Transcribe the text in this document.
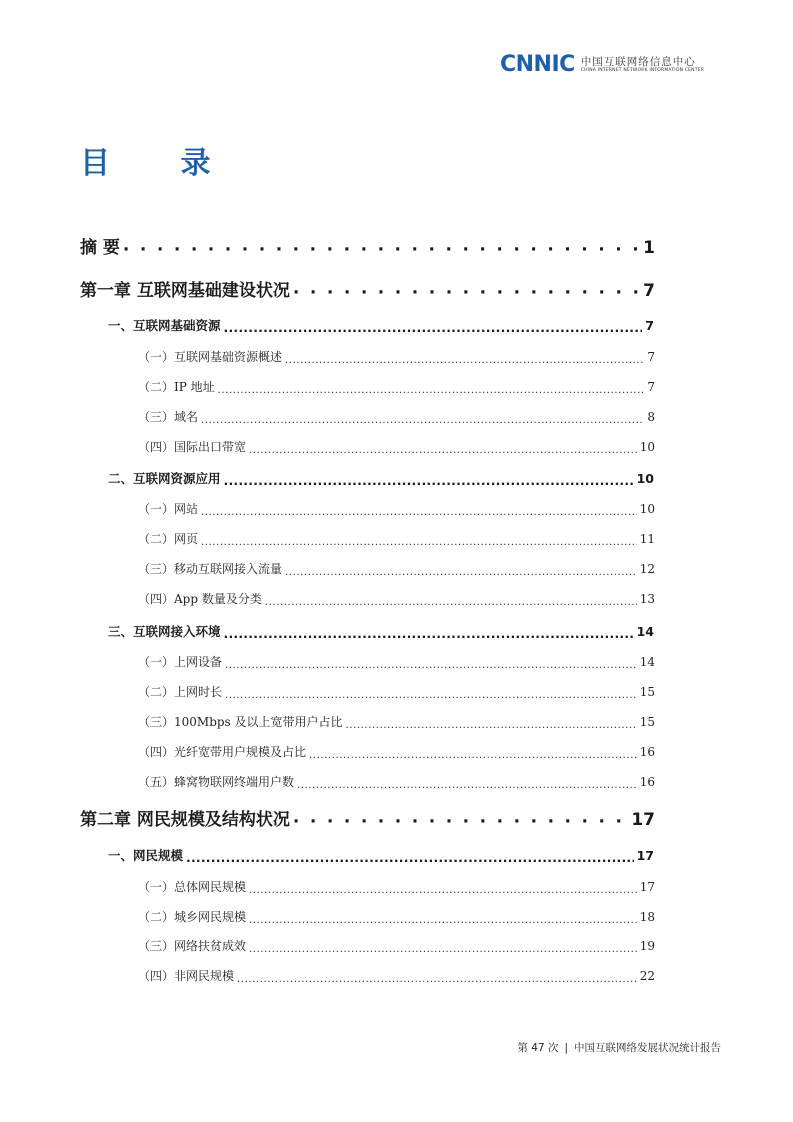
CNNIC 中国互联网络信息中心
CHINA INTERNET NETWORK INFORMATION CENTER
目 录
摘 要 · · ·	1
第一章 互联网基础建设状况 · · ·	7
一、互联网基础资源 .....	7
（一）互联网基础资源概述 .....	7
（二）IP 地址 .....	7
（三）域名 .....	8
（四）国际出口带宽 .....	10
二、互联网资源应用 .....	10
（一）网站 .....	10
（二）网页 .....	11
（三）移动互联网接入流量 .....	12
（四）App 数量及分类 .....	13
三、互联网接入环境 .....	14
（一）上网设备 .....	14
（二）上网时长 .....	15
（三）100Mbps 及以上宽带用户占比 .....	15
（四）光纤宽带用户规模及占比 .....	16
（五）蜂窝物联网终端用户数 .....	16
第二章 网民规模及结构状况 · · ·	17
一、网民规模 .....	17
（一）总体网民规模 .....	17
（二）城乡网民规模 .....	18
（三）网络扶贫成效 .....	19
（四）非网民规模 .....	22
第 47 次 | 中国互联网络发展状况统计报告
